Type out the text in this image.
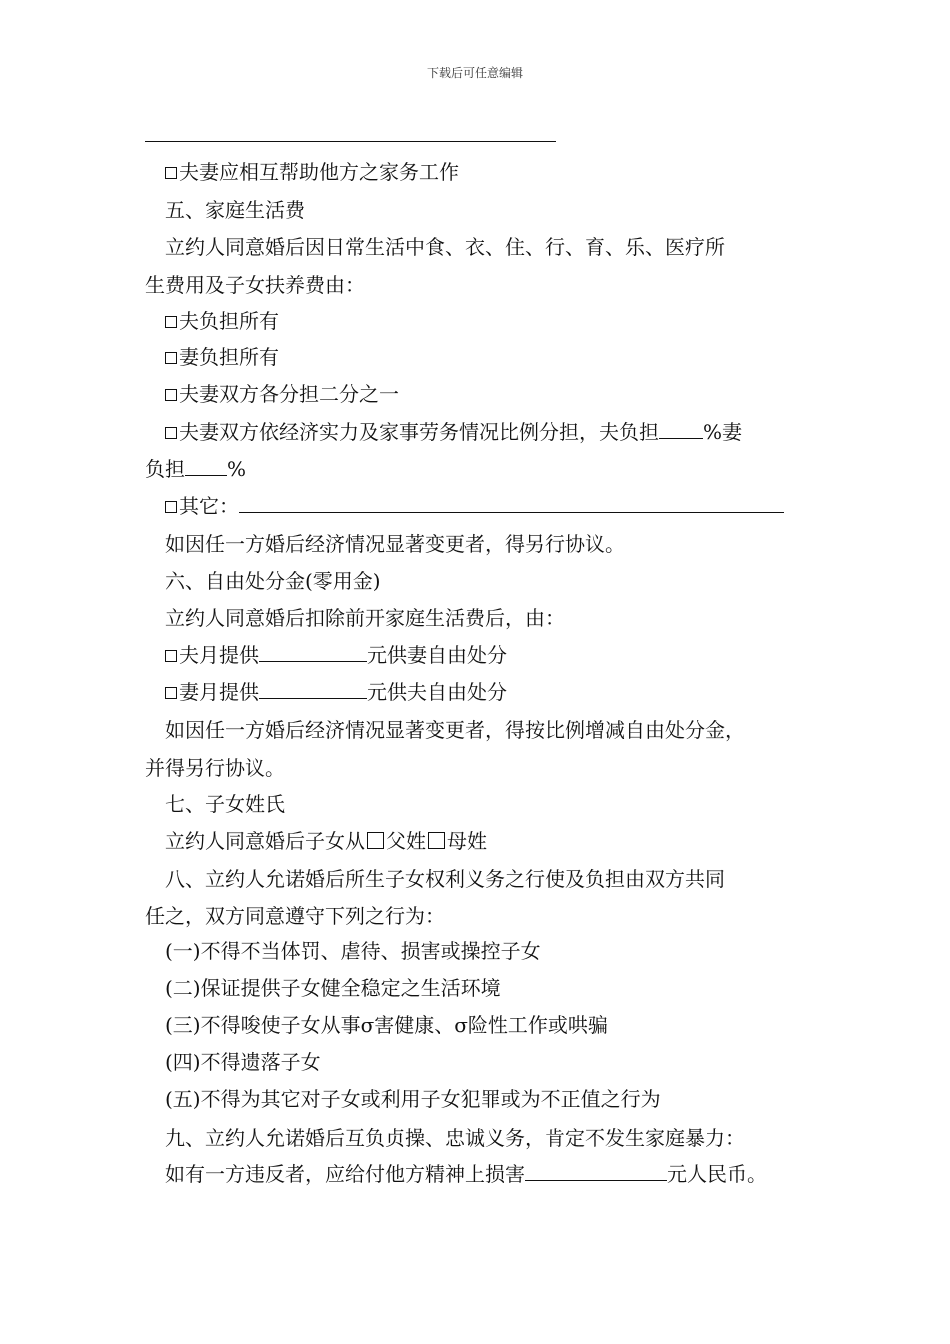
下载后可任意编辑
夫妻应相互帮助他方之家务工作
五、家庭生活费
立约人同意婚后因日常生活中食、衣、住、行、育、乐、医疗所
生费用及子女扶养费由：
夫负担所有
妻负担所有
夫妻双方各分担二分之一
夫妻双方依经济实力及家事劳务情况比例分担，夫负担 %妻
负担 %
其它：
如因任一方婚后经济情况显著变更者，得另行协议。
六、自由处分金(零用金)
立约人同意婚后扣除前开家庭生活费后，由：
夫月提供	元供妻自由处分
妻月提供	元供夫自由处分
如因任一方婚后经济情况显著变更者，得按比例增减自由处分金，
并得另行协议。
七、子女姓氏
立约人同意婚后子女从 父姓 母姓
八、立约人允诺婚后所生子女权利义务之行使及负担由双方共同
任之，双方同意遵守下列之行为：
(一)不得不当体罚、虐待、损害或操控子女
(二)保证提供子女健全稳定之生活环境
(三)不得唆使子女从事σ害健康、σ险性工作或哄骗
(四)不得遗落子女
(五)不得为其它对子女或利用子女犯罪或为不正值之行为
九、立约人允诺婚后互负贞操、忠诚义务，肯定不发生家庭暴力：
如有一方违反者，应给付他方精神上损害	元人民币。
